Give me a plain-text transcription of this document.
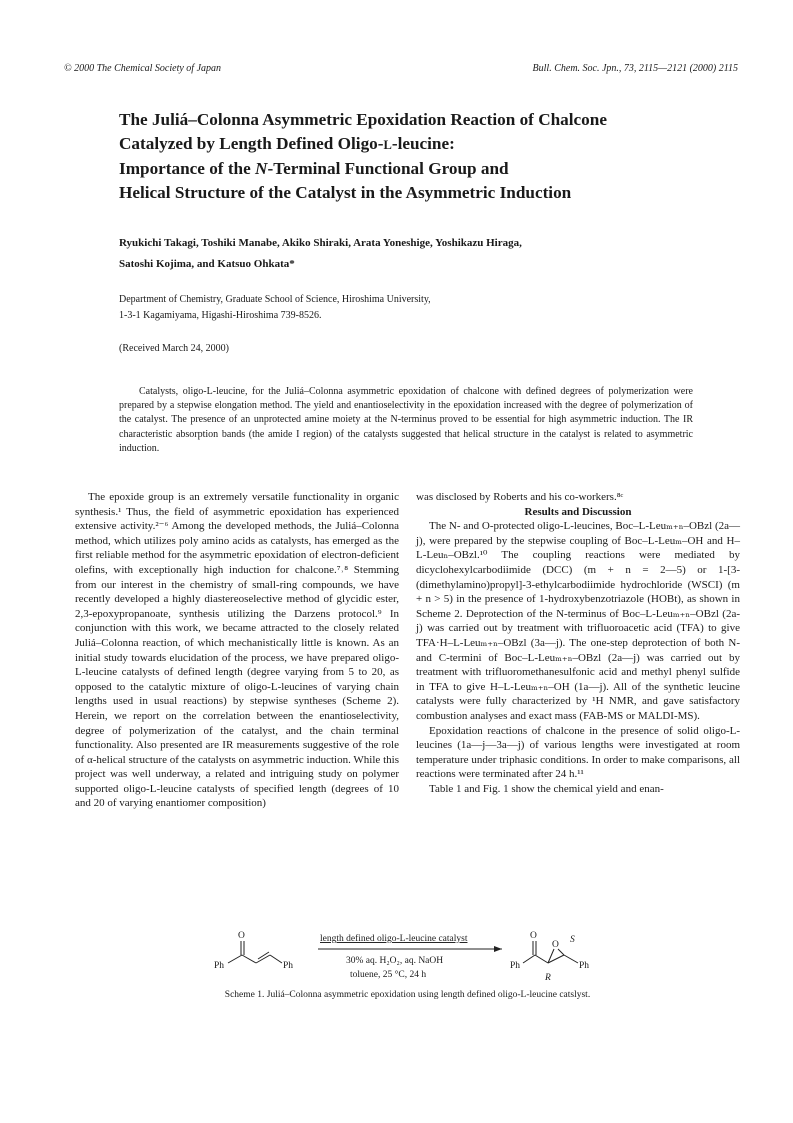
© 2000 The Chemical Society of Japan	Bull. Chem. Soc. Jpn., 73, 2115—2121 (2000) 2115
The Juliá–Colonna Asymmetric Epoxidation Reaction of Chalcone
Catalyzed by Length Defined Oligo-L-leucine:
Importance of the N-Terminal Functional Group and
Helical Structure of the Catalyst in the Asymmetric Induction
Ryukichi Takagi, Toshiki Manabe, Akiko Shiraki, Arata Yoneshige, Yoshikazu Hiraga,
Satoshi Kojima, and Katsuo Ohkata*
Department of Chemistry, Graduate School of Science, Hiroshima University,
1-3-1 Kagamiyama, Higashi-Hiroshima 739-8526.
(Received March 24, 2000)
Catalysts, oligo-L-leucine, for the Juliá–Colonna asymmetric epoxidation of chalcone with defined degrees of polymerization were prepared by a stepwise elongation method. The yield and enantioselectivity in the epoxidation increased with the degree of polymerization of the catalyst. The presence of an unprotected amine moiety at the N-terminus proved to be essential for high asymmetric induction. The IR characteristic absorption bands (the amide I region) of the catalysts suggested that helical structure in the catalyst is related to asymmetric induction.

The epoxide group is an extremely versatile functionality in organic synthesis.¹ Thus, the field of asymmetric epoxidation has experienced extensive activity.²⁻⁶ Among the developed methods, the Juliá–Colonna method, which utilizes poly amino acids as catalysts, has emerged as the first reliable method for the asymmetric epoxidation of electron-deficient olefins, with exceptionally high induction for chalcone.⁷˒⁸ Stemming from our interest in the chemistry of small-ring compounds, we have recently developed a highly diastereoselective method of glycidic ester, 2,3-epoxypropanoate, synthesis utilizing the Darzens protocol.⁹ In conjunction with this work, we became attracted to the closely related Juliá–Colonna reaction, of which mechanistically little is known. As an initial study towards elucidation of the process, we have prepared oligo-L-leucine catalysts of defined length (degree varying from 5 to 20, as opposed to the catalytic mixture of oligo-L-leucines of varying chain lengths used in usual reactions) by stepwise syntheses (Scheme 2). Herein, we report on the correlation between the enantioselectivity, degree of polymerization of the catalyst, and the chain terminal functionality. Also presented are IR measurements suggestive of the role of α-helical structure of the catalysts on asymmetric induction. While this project was well underway, a related and intriguing study on polymer supported oligo-L-leucine catalysts of specified length (degrees of 10 and 20 of varying enantiomer composition)

was disclosed by Roberts and his co-workers.⁸ᶜ

Results and Discussion

The N- and O-protected oligo-L-leucines, Boc–L-Leuₘ₊ₙ–OBzl (2a—j), were prepared by the stepwise coupling of Boc–L-Leuₘ–OH and H–L-Leuₙ–OBzl.¹⁰ The coupling reactions were mediated by dicyclohexylcarbodiimide (DCC) (m + n = 2—5) or 1-[3-(dimethylamino)propyl]-3-ethylcarbodiimide hydrochloride (WSCI) (m + n > 5) in the presence of 1-hydroxybenzotriazole (HOBt), as shown in Scheme 2. Deprotection of the N-terminus of Boc–L-Leuₘ₊ₙ–OBzl (2a-j) was carried out by treatment with trifluoroacetic acid (TFA) to give TFA·H–L-Leuₘ₊ₙ–OBzl (3a—j). The one-step deprotection of both N- and C-termini of Boc–L-Leuₘ₊ₙ–OBzl (2a—j) was carried out by treatment with trifluoromethanesulfonic acid and methyl phenyl sulfide in TFA to give H–L-Leuₘ₊ₙ–OH (1a—j). All of the synthetic leucine catalysts were fully characterized by ¹H NMR, and gave satisfactory combustion analyses and exact mass (FAB-MS or MALDI-MS).

Epoxidation reactions of chalcone in the presence of solid oligo-L-leucines (1a—j—3a—j) of various lengths were investigated at room temperature under triphasic conditions. In order to make comparisons, all reactions were terminated after 24 h.¹¹

Table 1 and Fig. 1 show the chemical yield and enan-

O
Ph	Ph
length defined oligo-L-leucine catalyst
30% aq. H₂O₂, aq. NaOH
toluene, 25 °C, 24 h
O
Ph
O S
Ph
R
Scheme 1. Juliá–Colonna asymmetric epoxidation using length defined oligo-L-leucine catslyst.
